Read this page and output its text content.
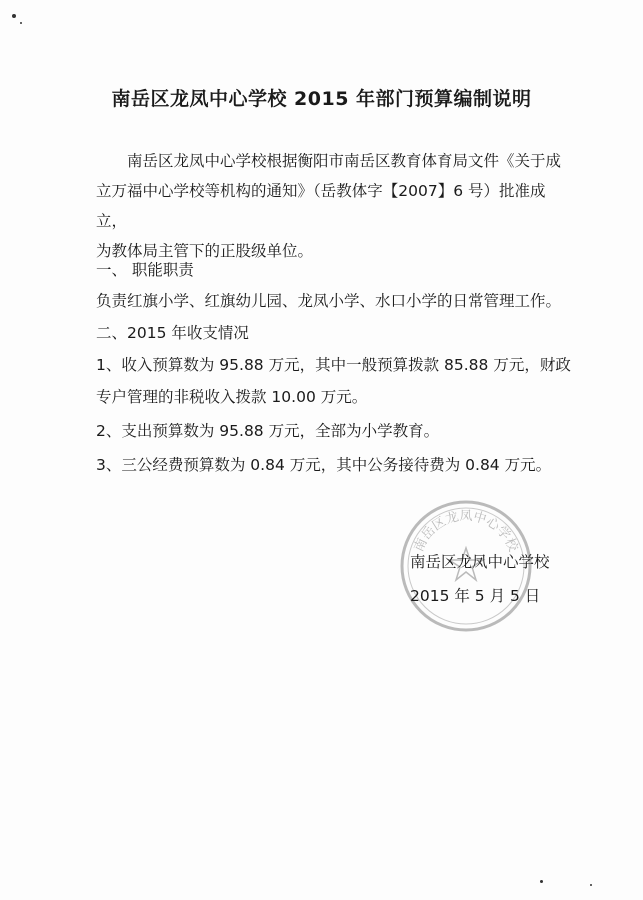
南岳区龙凤中心学校 2015 年部门预算编制说明

南岳区龙凤中心学校根据衡阳市南岳区教育体育局文件《关于成

立万福中心学校等机构的通知》（岳教体字【2007】6 号）批准成立，

为教体局主管下的正股级单位。

一、 职能职责
负责红旗小学、红旗幼儿园、龙凤小学、水口小学的日常管理工作。
二、2015 年收支情况
1、收入预算数为 95.88 万元，其中一般预算拨款 85.88 万元，财政
专户管理的非税收入拨款 10.00 万元。
2、支出预算数为 95.88 万元，全部为小学教育。
3、三公经费预算数为 0.84 万元，其中公务接待费为 0.84 万元。
南岳区龙凤中心学校
南岳区龙凤中心学校
2015 年 5 月 5 日
